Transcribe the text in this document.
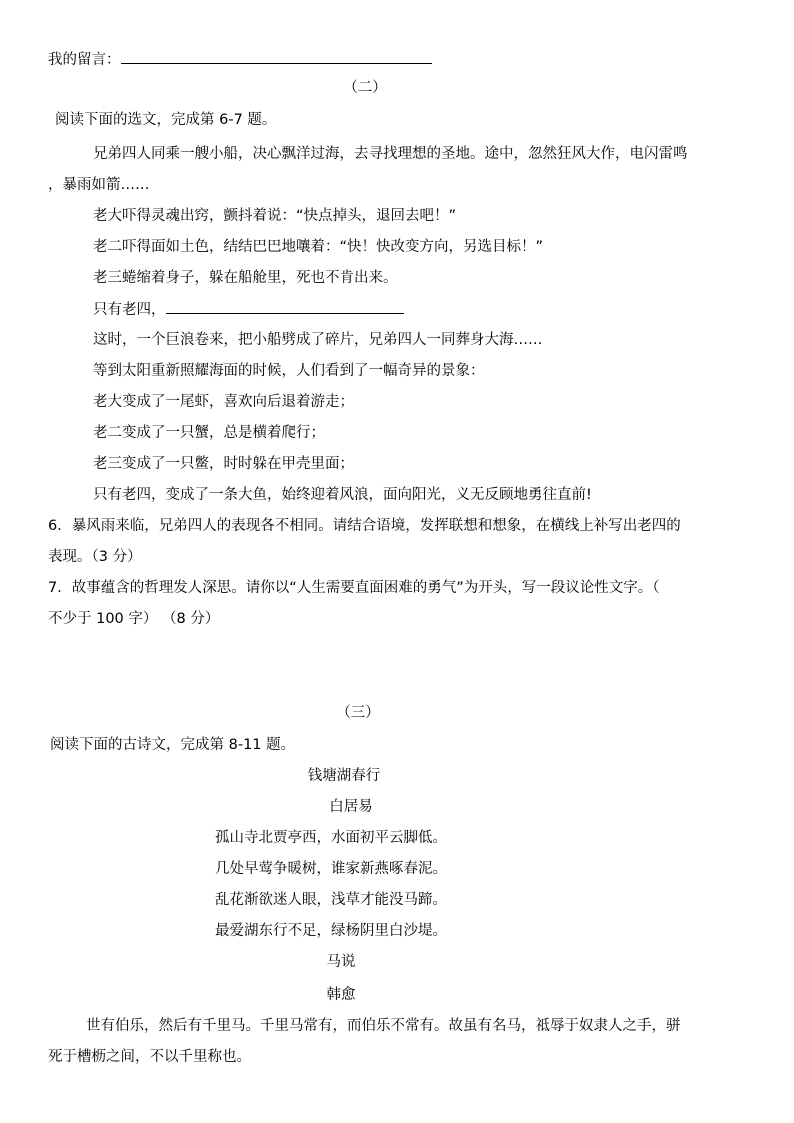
我的留言：
（二）
阅读下面的选文，完成第 6-7 题。
兄弟四人同乘一艘小船，决心飘洋过海，去寻找理想的圣地。途中，忽然狂风大作，电闪雷鸣
，暴雨如箭……
老大吓得灵魂出窍，颤抖着说：“快点掉头，退回去吧！”
老二吓得面如土色，结结巴巴地嚷着：“快！快改变方向，另选目标！”
老三蜷缩着身子，躲在船舱里，死也不肯出来。
只有老四，
这时，一个巨浪卷来，把小船劈成了碎片，兄弟四人一同葬身大海……
等到太阳重新照耀海面的时候，人们看到了一幅奇异的景象：
老大变成了一尾虾，喜欢向后退着游走；
老二变成了一只蟹，总是横着爬行；
老三变成了一只鳖，时时躲在甲壳里面；
只有老四，变成了一条大鱼，始终迎着风浪，面向阳光，义无反顾地勇往直前!
6．暴风雨来临，兄弟四人的表现各不相同。请结合语境，发挥联想和想象，在横线上补写出老四的
表现。（3 分）
7．故事蕴含的哲理发人深思。请你以“人生需要直面困难的勇气”为开头，写一段议论性文字。（
不少于 100 字） （8 分）
（三）
阅读下面的古诗文，完成第 8-11 题。
钱塘湖春行
白居易
孤山寺北贾亭西，水面初平云脚低。
几处早莺争暖树，谁家新燕啄春泥。
乱花渐欲迷人眼，浅草才能没马蹄。
最爱湖东行不足，绿杨阴里白沙堤。
马说
韩愈
世有伯乐，然后有千里马。千里马常有，而伯乐不常有。故虽有名马，祗辱于奴隶人之手，骈
死于槽枥之间，不以千里称也。
